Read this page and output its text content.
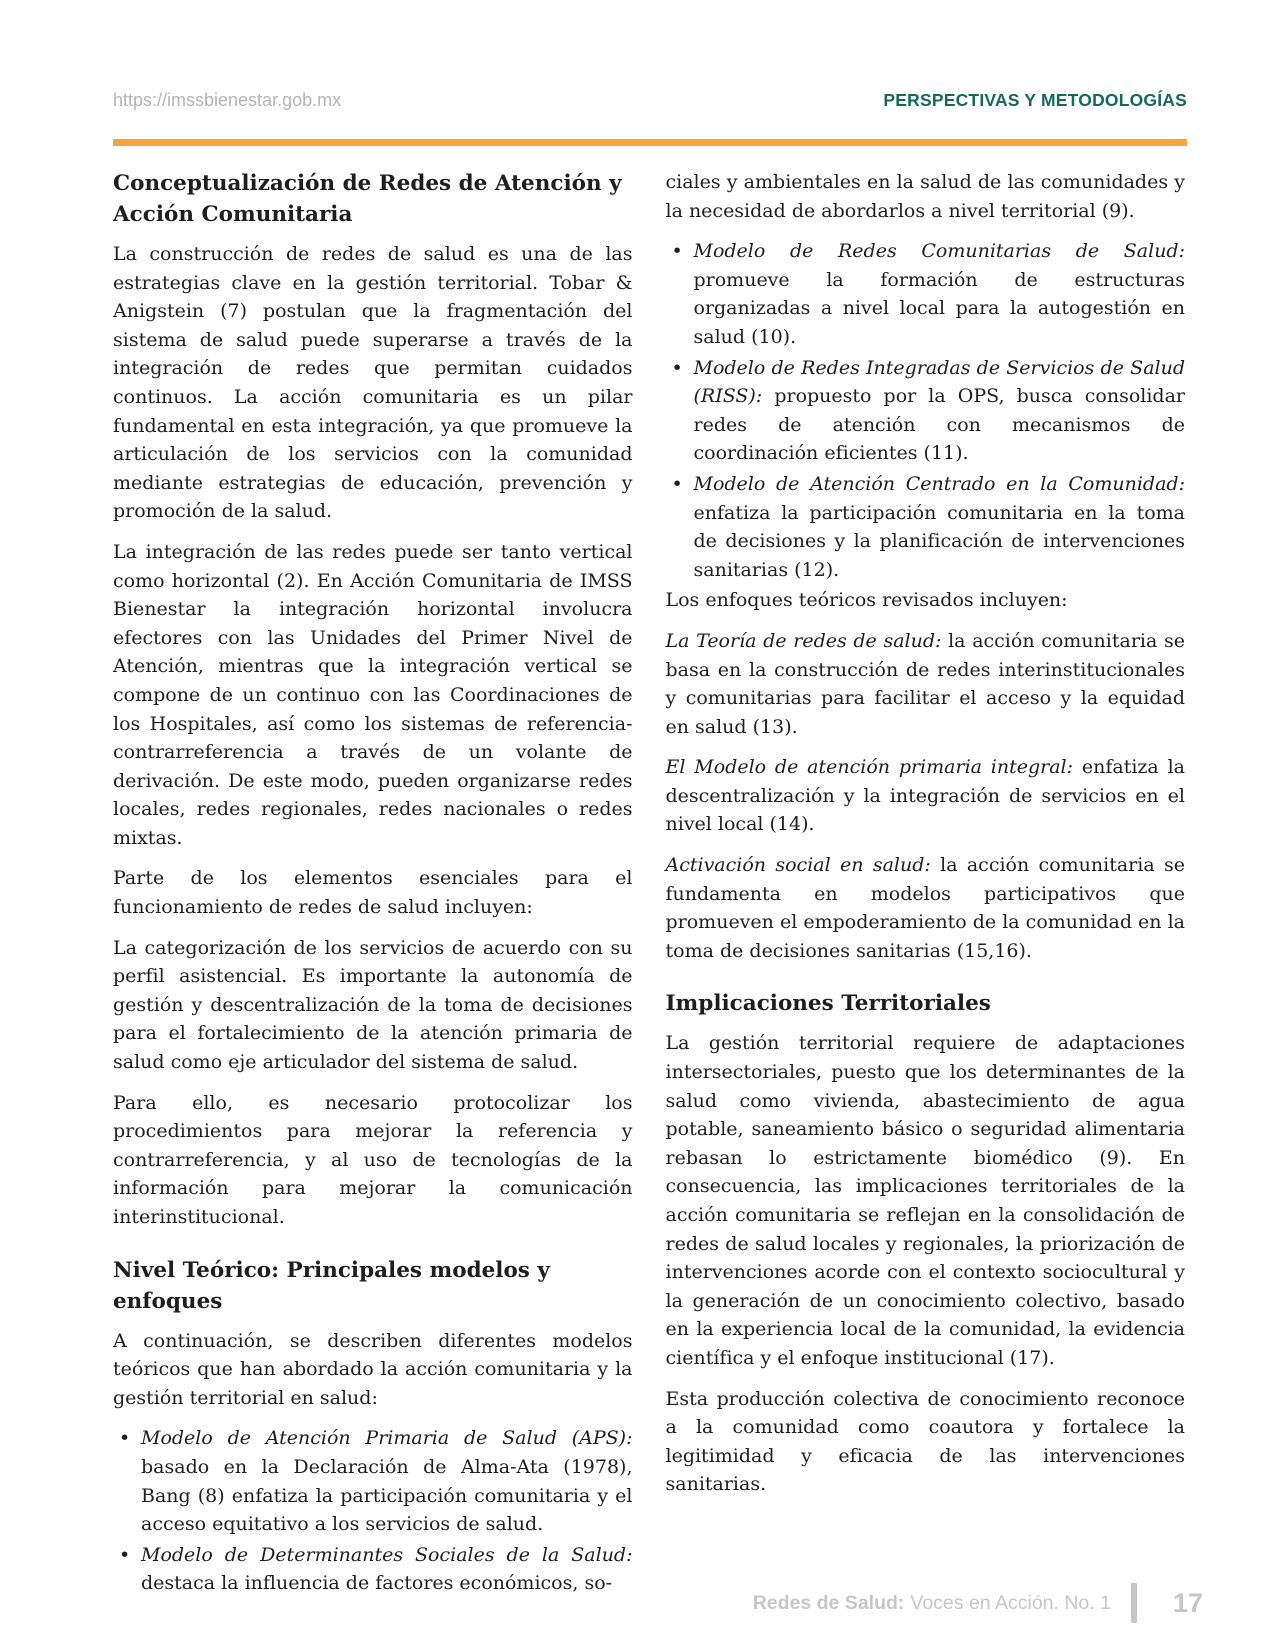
https://imssbienestar.gob.mx	PERSPECTIVAS Y METODOLOGÍAS
Conceptualización de Redes de Atención y Acción Comunitaria

La construcción de redes de salud es una de las estrategias clave en la gestión territorial. Tobar & Anigstein (7) postulan que la fragmentación del sistema de salud puede superarse a través de la integración de redes que permitan cuidados continuos. La acción comunitaria es un pilar fundamental en esta integración, ya que promueve la articulación de los servicios con la comunidad mediante estrategias de educación, prevención y promoción de la salud.

La integración de las redes puede ser tanto vertical como horizontal (2). En Acción Comunitaria de IMSS Bienestar la integración horizontal involucra efectores con las Unidades del Primer Nivel de Atención, mientras que la integración vertical se compone de un continuo con las Coordinaciones de los Hospitales, así como los sistemas de referencia-contrarreferencia a través de un volante de derivación. De este modo, pueden organizarse redes locales, redes regionales, redes nacionales o redes mixtas.

Parte de los elementos esenciales para el funcionamiento de redes de salud incluyen:

La categorización de los servicios de acuerdo con su perfil asistencial. Es importante la autonomía de gestión y descentralización de la toma de decisiones para el fortalecimiento de la atención primaria de salud como eje articulador del sistema de salud.

Para ello, es necesario protocolizar los procedimientos para mejorar la referencia y contrarreferencia, y al uso de tecnologías de la información para mejorar la comunicación interinstitucional.

Nivel Teórico: Principales modelos y enfoques

A continuación, se describen diferentes modelos teóricos que han abordado la acción comunitaria y la gestión territorial en salud:

• Modelo de Atención Primaria de Salud (APS): basado en la Declaración de Alma-Ata (1978), Bang (8) enfatiza la participación comunitaria y el acceso equitativo a los servicios de salud.
• Modelo de Determinantes Sociales de la Salud: destaca la influencia de factores económicos, so-

ciales y ambientales en la salud de las comunidades y la necesidad de abordarlos a nivel territorial (9).

• Modelo de Redes Comunitarias de Salud: promueve la formación de estructuras organizadas a nivel local para la autogestión en salud (10).
• Modelo de Redes Integradas de Servicios de Salud (RISS): propuesto por la OPS, busca consolidar redes de atención con mecanismos de coordinación eficientes (11).
• Modelo de Atención Centrado en la Comunidad: enfatiza la participación comunitaria en la toma de decisiones y la planificación de intervenciones sanitarias (12).

Los enfoques teóricos revisados incluyen:

La Teoría de redes de salud: la acción comunitaria se basa en la construcción de redes interinstitucionales y comunitarias para facilitar el acceso y la equidad en salud (13).

El Modelo de atención primaria integral: enfatiza la descentralización y la integración de servicios en el nivel local (14).

Activación social en salud: la acción comunitaria se fundamenta en modelos participativos que promueven el empoderamiento de la comunidad en la toma de decisiones sanitarias (15,16).

Implicaciones Territoriales

La gestión territorial requiere de adaptaciones intersectoriales, puesto que los determinantes de la salud como vivienda, abastecimiento de agua potable, saneamiento básico o seguridad alimentaria rebasan lo estrictamente biomédico (9). En consecuencia, las implicaciones territoriales de la acción comunitaria se reflejan en la consolidación de redes de salud locales y regionales, la priorización de intervenciones acorde con el contexto sociocultural y la generación de un conocimiento colectivo, basado en la experiencia local de la comunidad, la evidencia científica y el enfoque institucional (17).

Esta producción colectiva de conocimiento reconoce a la comunidad como coautora y fortalece la legitimidad y eficacia de las intervenciones sanitarias.

Redes de Salud: Voces en Acción. No. 1 17
